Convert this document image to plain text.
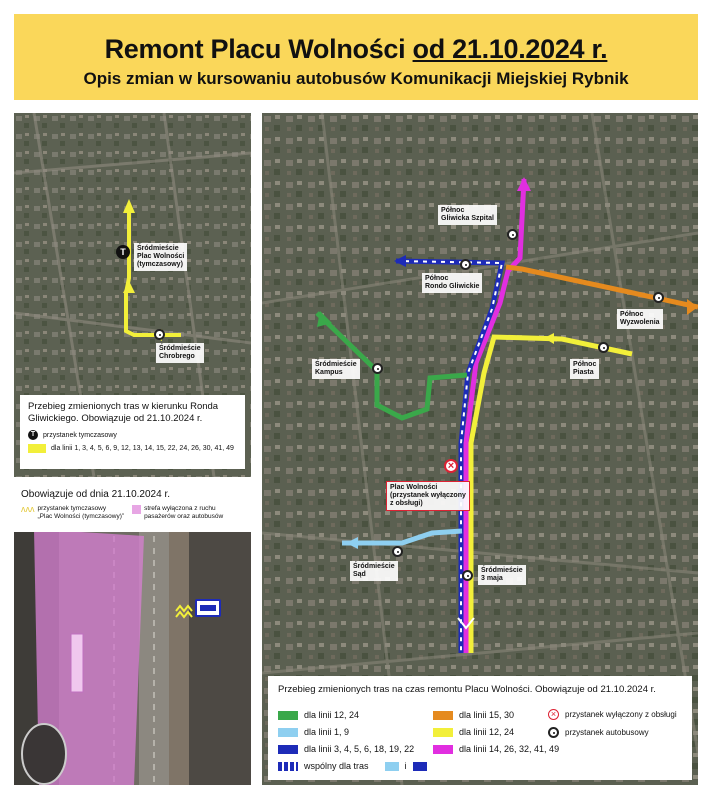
Remont Placu Wolności od 21.10.2024 r.
Opis zmian w kursowaniu autobusów Komunikacji Miejskiej Rybnik
T	Śródmieście
Plac Wolności
(tymczasowy)
Śródmieście
Chrobrego
Przebieg zmienionych tras w kierunku Ronda Gliwickiego. Obowiązuje od 21.10.2024 r.
T	przystanek tymczasowy
dla linii 1, 3, 4, 5, 6, 9, 12, 13, 14, 15, 22, 24, 26, 30, 41, 49
Obowiązuje od dnia 21.10.2024 r.
ʌʌʌ przystanek tymczasowy
„Plac Wolności (tymczasowy)”
strefa wyłączona z ruchu
pasażerów oraz autobusów
Północ
Gliwicka Szpital
Północ
Rondo Gliwickie
Północ
Wyzwolenia
Północ
Piasta
Śródmieście
Kampus
×
Plac Wolności
(przystanek wyłączony
z obsługi)
Śródmieście
Sąd
Śródmieście
3 maja
Przebieg zmienionych tras na czas remontu Placu Wolności. Obowiązuje od 21.10.2024 r.
dla linii 12, 24
dla linii 1, 9
dla linii 3, 4, 5, 6, 18, 19, 22
wspólny dla tras	i
dla linii 15, 30
dla linii 12, 24
dla linii 14, 26, 32, 41, 49
×	przystanek wyłączony z obsługi
przystanek autobusowy
